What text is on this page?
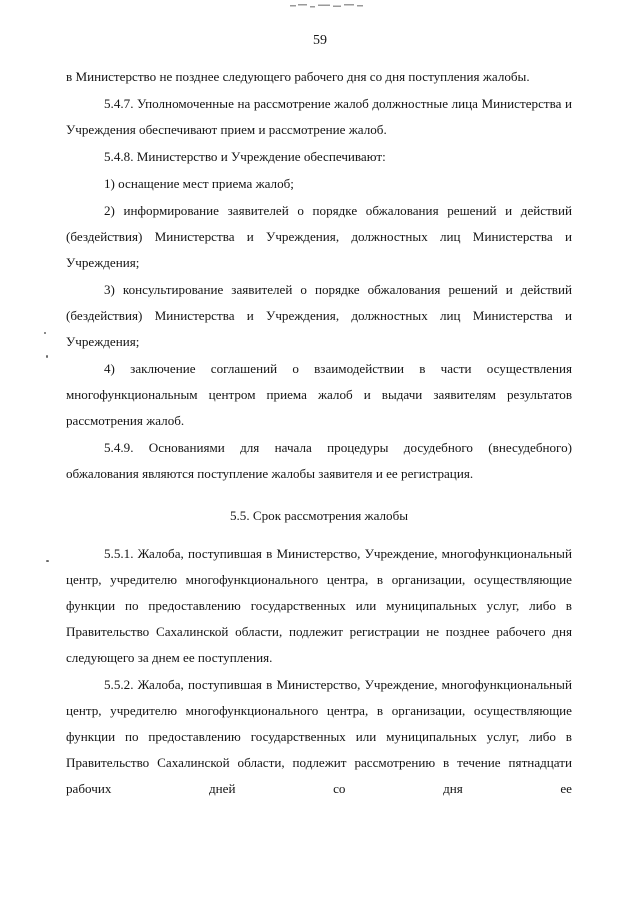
59

в Министерство не позднее следующего рабочего дня со дня поступления жалобы.

5.4.7. Уполномоченные на рассмотрение жалоб должностные лица Министерства и Учреждения обеспечивают прием и рассмотрение жалоб.

5.4.8. Министерство и Учреждение обеспечивают:

1) оснащение мест приема жалоб;

2) информирование заявителей о порядке обжалования решений и действий (бездействия) Министерства и Учреждения, должностных лиц Министерства и Учреждения;

3) консультирование заявителей о порядке обжалования решений и действий (бездействия) Министерства и Учреждения, должностных лиц Министерства и Учреждения;

4) заключение соглашений о взаимодействии в части осуществления многофункциональным центром приема жалоб и выдачи заявителям результатов рассмотрения жалоб.

5.4.9. Основаниями для начала процедуры досудебного (внесудебного) обжалования являются поступление жалобы заявителя и ее регистрация.

5.5. Срок рассмотрения жалобы

5.5.1. Жалоба, поступившая в Министерство, Учреждение, многофункциональный центр, учредителю многофункционального центра, в организации, осуществляющие функции по предоставлению государственных или муниципальных услуг, либо в Правительство Сахалинской области, подлежит регистрации не позднее рабочего дня следующего за днем ее поступления.

5.5.2. Жалоба, поступившая в Министерство, Учреждение, многофункциональный центр, учредителю многофункционального центра, в организации, осуществляющие функции по предоставлению государственных или муниципальных услуг, либо в Правительство Сахалинской области, подлежит рассмотрению в течение пятнадцати рабочих дней со дня ее
